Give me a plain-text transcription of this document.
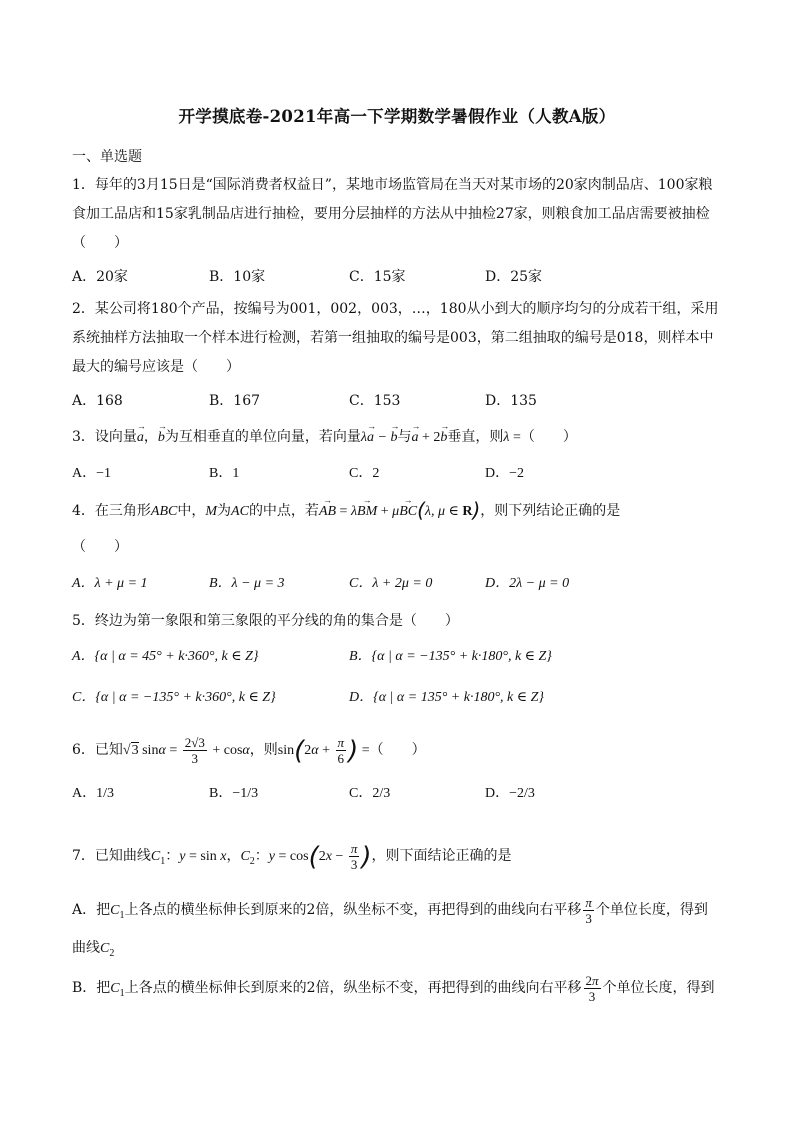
开学摸底卷-2021年高一下学期数学暑假作业（人教A版）
一、单选题
1．每年的3月15日是“国际消费者权益日”，某地市场监管局在当天对某市场的20家肉制品店、100家粮
食加工品店和15家乳制品店进行抽检，要用分层抽样的方法从中抽检27家，则粮食加工品店需要被抽检
（　　）
A．20家	B．10家	C．15家	D．25家
2．某公司将180个产品，按编号为001，002，003，…，180从小到大的顺序均匀的分成若干组，采用
系统抽样方法抽取一个样本进行检测，若第一组抽取的编号是003，第二组抽取的编号是018，则样本中
最大的编号应该是（　　）
A．168	B．167	C．153	D．135
3．设向量→ a，→ b为互相垂直的单位向量，若向量λ→ a − → b与→ a + 2→ b垂直，则λ =（　　）
A．−1	B．1	C．2	D．−2
4．在三角形ABC中，M为AC的中点，若→ AB = λ→ BM + μ→ BC(λ, μ ∈ R)，则下列结论正确的是
（　　）
A．λ + μ = 1	B．λ − μ = 3	C．λ + 2μ = 0	D．2λ − μ = 0
5．终边为第一象限和第三象限的平分线的角的集合是（　　）
A．{α | α = 45° + k·360°, k ∈ Z}	B．{α | α = −135° + k·180°, k ∈ Z}
C．{α | α = −135° + k·360°, k ∈ Z}	D．{α | α = 135° + k·180°, k ∈ Z}
6．已知√3 $\sin\alpha = \frac{2√3}{3} + \cos\alpha$，则$\sin(2\alpha + \frac{\pi}{6}$ ) =（　　）
A．1/3	B．−1/3	C．2/3	D．−2/3
7．已知曲线$C_1$：y = sin x，$C_2$：$y = \cos(2x - \frac{\pi}{3}$ )，则下面结论正确的是
A．把$C_1$上各点的横坐标伸长到原来的2倍，纵坐标不变，再把得到的曲线向右平移 $\frac{\pi}{3}$ 个单位长度，得到
曲线$C_2$
B．把$C_1$上各点的横坐标伸长到原来的2倍，纵坐标不变，再把得到的曲线向右平移 $\frac{2\pi}{3}$ 个单位长度，得到
